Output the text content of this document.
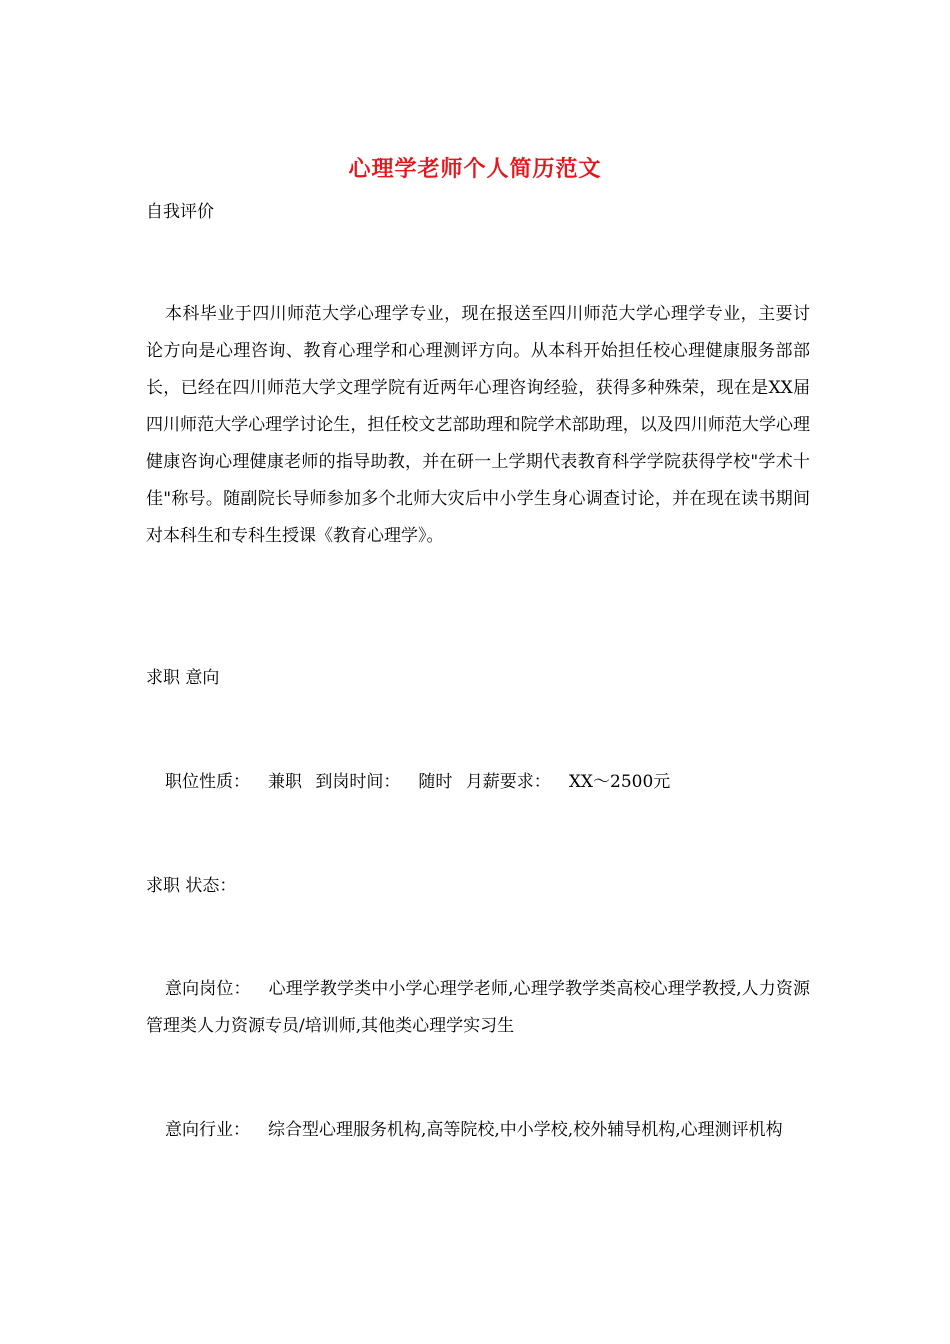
心理学老师个人简历范文
自我评价
本科毕业于四川师范大学心理学专业，现在报送至四川师范大学心理学专业，主要讨论方向是心理咨询、教育心理学和心理测评方向。从本科开始担任校心理健康服务部部长，已经在四川师范大学文理学院有近两年心理咨询经验，获得多种殊荣，现在是XX届四川师范大学心理学讨论生，担任校文艺部助理和院学术部助理，以及四川师范大学心理健康咨询心理健康老师的指导助教，并在研一上学期代表教育科学学院获得学校"学术十佳"称号。随副院长导师参加多个北师大灾后中小学生身心调查讨论，并在现在读书期间对本科生和专科生授课《教育心理学》。
求职 意向
职位性质： 兼职 到岗时间： 随时 月薪要求： XX～2500元
求职 状态：
意向岗位： 心理学教学类中小学心理学老师,心理学教学类高校心理学教授,人力资源管理类人力资源专员/培训师,其他类心理学实习生
意向行业： 综合型心理服务机构,高等院校,中小学校,校外辅导机构,心理测评机构
